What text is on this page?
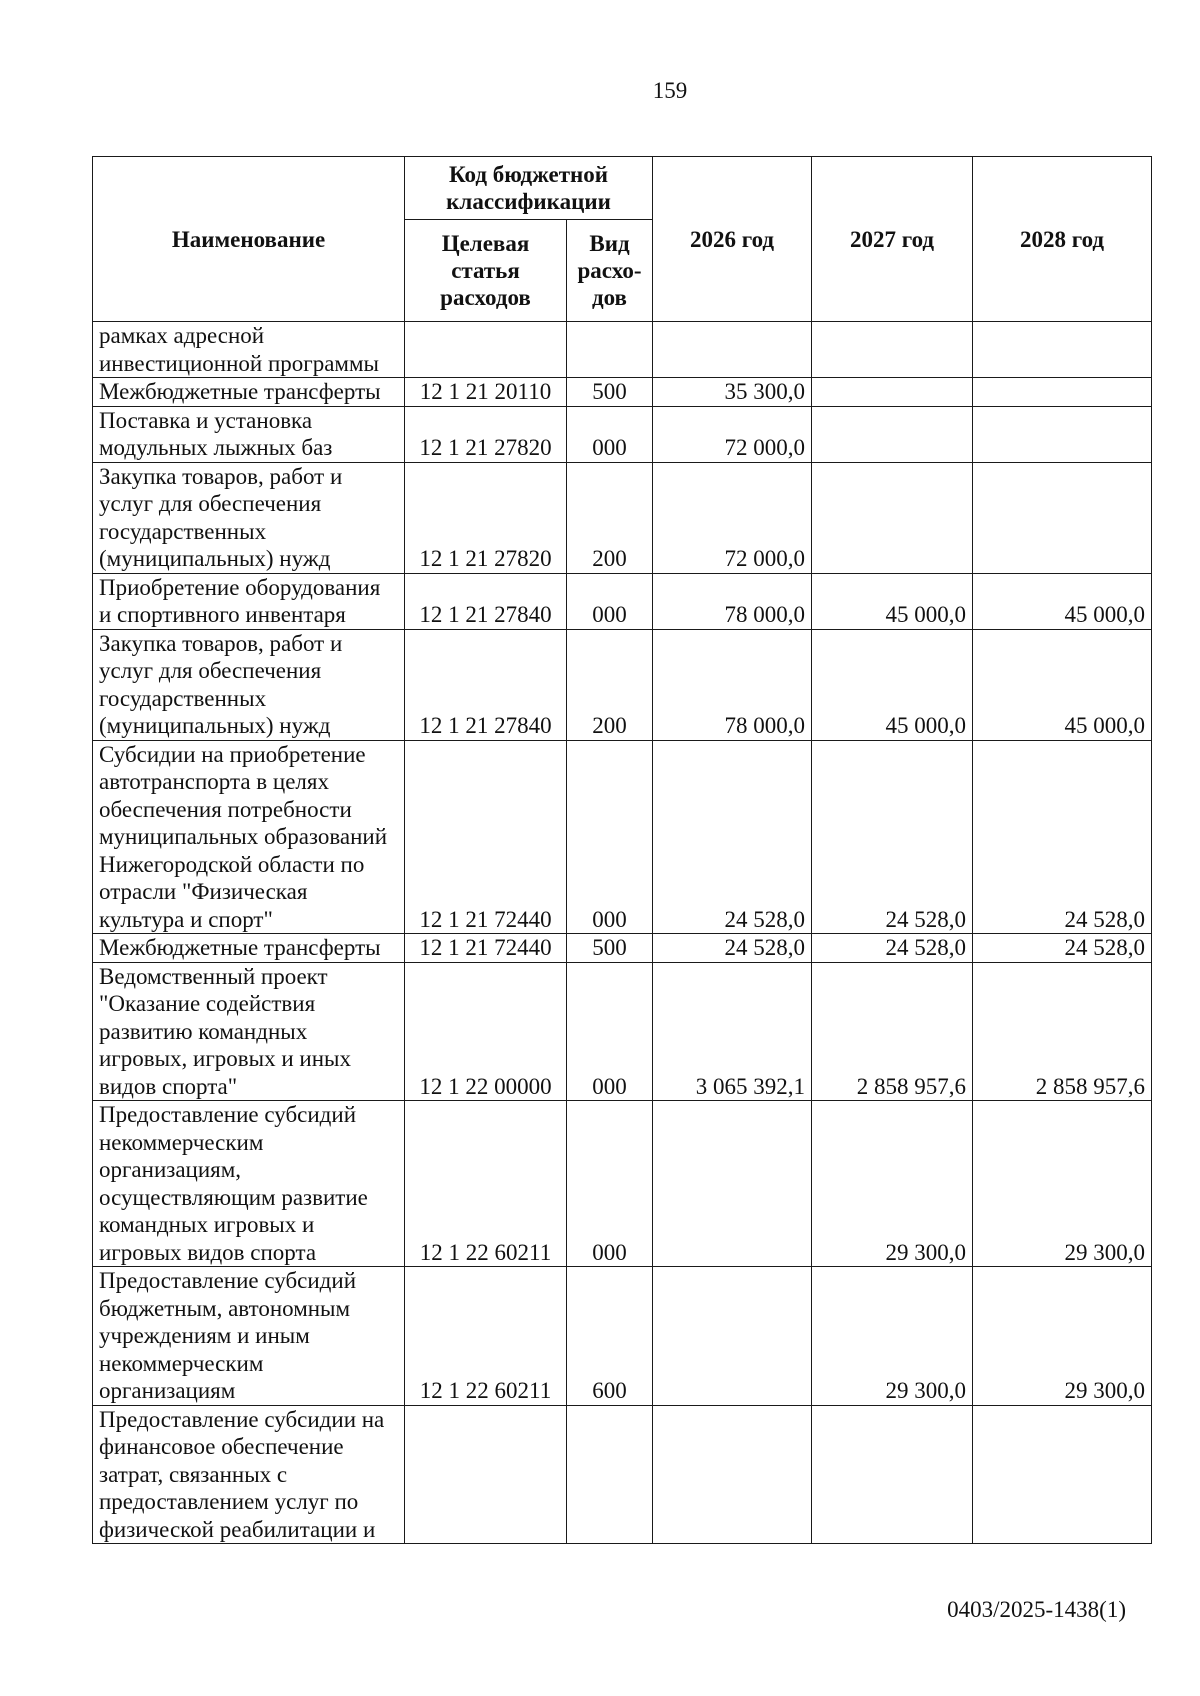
159
Наименование	Код бюджетной классификации		2026 год	2027 год	2028 год
	Целевая статья расходов	Вид расхо-дов			
рамках адресной инвестиционной программы					
Межбюджетные трансферты	12 1 21 20110	500	35 300,0		
Поставка и установка модульных лыжных баз	12 1 21 27820	000	72 000,0		
Закупка товаров, работ и услуг для обеспечения государственных (муниципальных) нужд	12 1 21 27820	200	72 000,0		
Приобретение оборудования и спортивного инвентаря	12 1 21 27840	000	78 000,0	45 000,0	45 000,0
Закупка товаров, работ и услуг для обеспечения государственных (муниципальных) нужд	12 1 21 27840	200	78 000,0	45 000,0	45 000,0
Субсидии на приобретение автотранспорта в целях обеспечения потребности муниципальных образований Нижегородской области по отрасли "Физическая культура и спорт"	12 1 21 72440	000	24 528,0	24 528,0	24 528,0
Межбюджетные трансферты	12 1 21 72440	500	24 528,0	24 528,0	24 528,0
Ведомственный проект "Оказание содействия развитию командных игровых, игровых и иных видов спорта"	12 1 22 00000	000	3 065 392,1	2 858 957,6	2 858 957,6
Предоставление субсидий некоммерческим организациям, осуществляющим развитие командных игровых и игровых видов спорта	12 1 22 60211	000		29 300,0	29 300,0
Предоставление субсидий бюджетным, автономным учреждениям и иным некоммерческим организациям	12 1 22 60211	600		29 300,0	29 300,0
Предоставление субсидии на финансовое обеспечение затрат, связанных с предоставлением услуг по физической реабилитации и					
0403/2025-1438(1)
